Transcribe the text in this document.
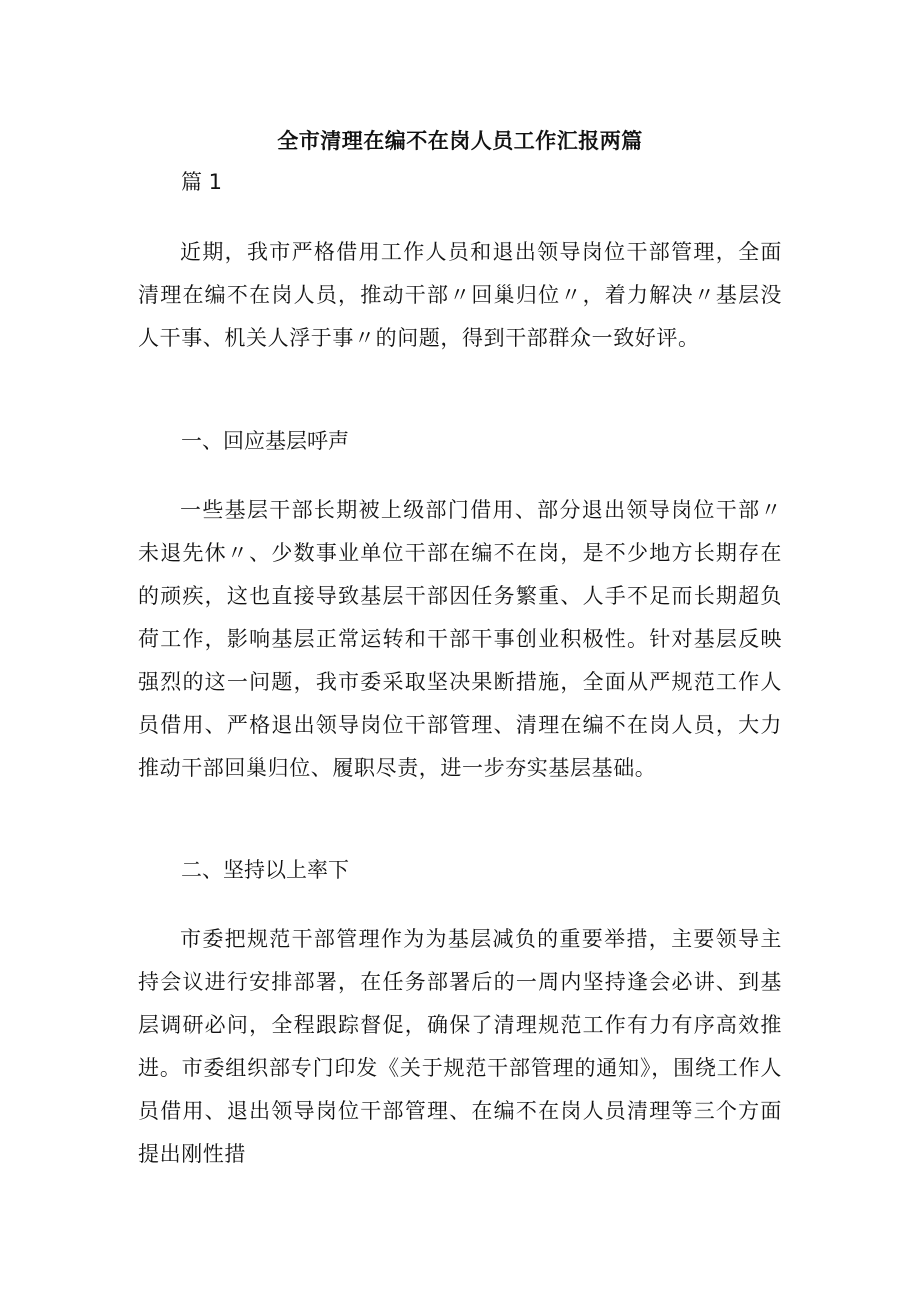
全市清理在编不在岗人员工作汇报两篇
篇 1

近期，我市严格借用工作人员和退出领导岗位干部管理，全面清理在编不在岗人员，推动干部〃回巢归位〃，着力解决〃基层没人干事、机关人浮于事〃的问题，得到干部群众一致好评。

一、回应基层呼声

一些基层干部长期被上级部门借用、部分退出领导岗位干部〃未退先休〃、少数事业单位干部在编不在岗，是不少地方长期存在的顽疾，这也直接导致基层干部因任务繁重、人手不足而长期超负荷工作，影响基层正常运转和干部干事创业积极性。针对基层反映强烈的这一问题，我市委采取坚决果断措施，全面从严规范工作人员借用、严格退出领导岗位干部管理、清理在编不在岗人员，大力推动干部回巢归位、履职尽责，进一步夯实基层基础。

二、坚持以上率下

市委把规范干部管理作为为基层减负的重要举措，主要领导主持会议进行安排部署，在任务部署后的一周内坚持逢会必讲、到基层调研必问，全程跟踪督促，确保了清理规范工作有力有序高效推进。市委组织部专门印发《关于规范干部管理的通知》，围绕工作人员借用、退出领导岗位干部管理、在编不在岗人员清理等三个方面提出刚性措
